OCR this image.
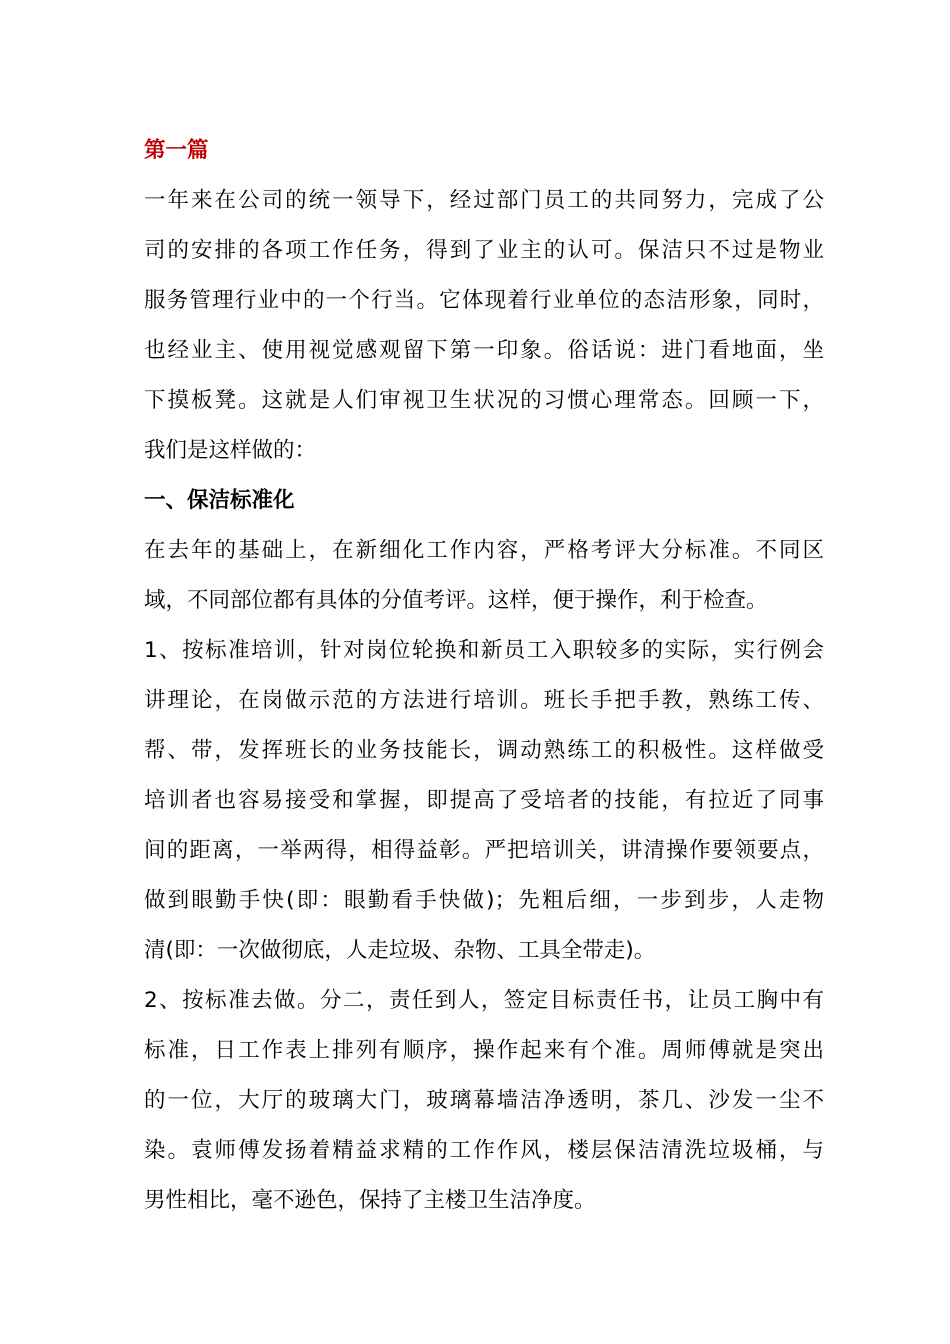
第一篇

一年来在公司的统一领导下，经过部门员工的共同努力，完成了公
司的安排的各项工作任务，得到了业主的认可。保洁只不过是物业
服务管理行业中的一个行当。它体现着行业单位的态洁形象，同时，
也经业主、使用视觉感观留下第一印象。俗话说：进门看地面，坐
下摸板凳。这就是人们审视卫生状况的习惯心理常态。回顾一下，
我们是这样做的：

一、保洁标准化

在去年的基础上，在新细化工作内容，严格考评大分标准。不同区
域，不同部位都有具体的分值考评。这样，便于操作，利于检查。

1、按标准培训，针对岗位轮换和新员工入职较多的实际，实行例会
讲理论，在岗做示范的方法进行培训。班长手把手教，熟练工传、
帮、带，发挥班长的业务技能长，调动熟练工的积极性。这样做受
培训者也容易接受和掌握，即提高了受培者的技能，有拉近了同事
间的距离，一举两得，相得益彰。严把培训关，讲清操作要领要点，
做到眼勤手快(即：眼勤看手快做)；先粗后细，一步到步，人走物
清(即：一次做彻底，人走垃圾、杂物、工具全带走)。

2、按标准去做。分二，责任到人，签定目标责任书，让员工胸中有
标准，日工作表上排列有顺序，操作起来有个准。周师傅就是突出
的一位，大厅的玻璃大门，玻璃幕墙洁净透明，茶几、沙发一尘不
染。袁师傅发扬着精益求精的工作作风，楼层保洁清洗垃圾桶，与
男性相比，毫不逊色，保持了主楼卫生洁净度。
